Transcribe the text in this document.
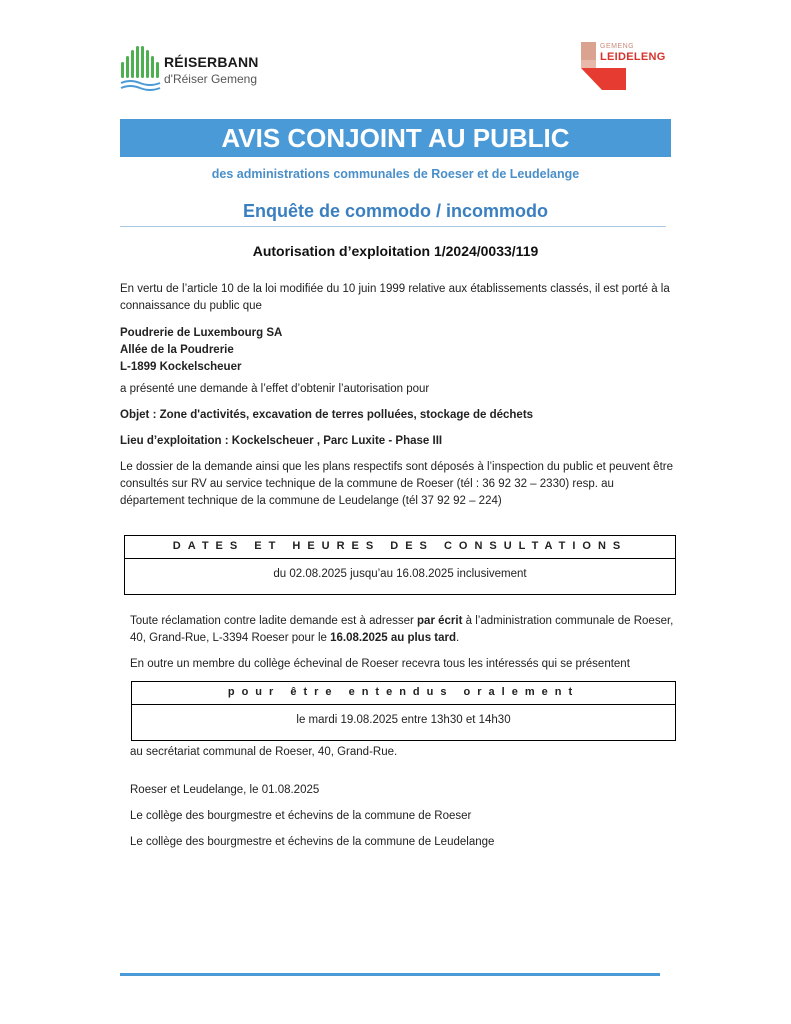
RÉISERBANN
d'Réiser Gemeng
GEMENG
LEIDELENG
AVIS CONJOINT AU PUBLIC
des administrations communales de Roeser et de Leudelange
Enquête de commodo / incommodo
Autorisation d’exploitation 1/2024/0033/119
En vertu de l’article 10 de la loi modifiée du 10 juin 1999 relative aux établissements classés, il est porté à la connaissance du public que
Poudrerie de Luxembourg SA
Allée de la Poudrerie
L-1899 Kockelscheuer
a présenté une demande à l’effet d’obtenir l’autorisation pour
Objet : Zone d'activités, excavation de terres polluées, stockage de déchets
Lieu d’exploitation : Kockelscheuer , Parc Luxite - Phase III
Le dossier de la demande ainsi que les plans respectifs sont déposés à l’inspection du public et peuvent être consultés sur RV au service technique de la commune de Roeser (tél : 36 92 32 – 2330) resp. au département technique de la commune de Leudelange (tél 37 92 92 – 224)
DATES ET HEURES DES CONSULTATIONS
du 02.08.2025 jusqu’au 16.08.2025 inclusivement
Toute réclamation contre ladite demande est à adresser par écrit à l’administration communale de Roeser, 40, Grand-Rue, L-3394 Roeser pour le 16.08.2025 au plus tard.
En outre un membre du collège échevinal de Roeser recevra tous les intéressés qui se présentent
pour être entendus oralement
le mardi 19.08.2025 entre 13h30 et 14h30
au secrétariat communal de Roeser, 40, Grand-Rue.
Roeser et Leudelange, le 01.08.2025
Le collège des bourgmestre et échevins de la commune de Roeser
Le collège des bourgmestre et échevins de la commune de Leudelange
